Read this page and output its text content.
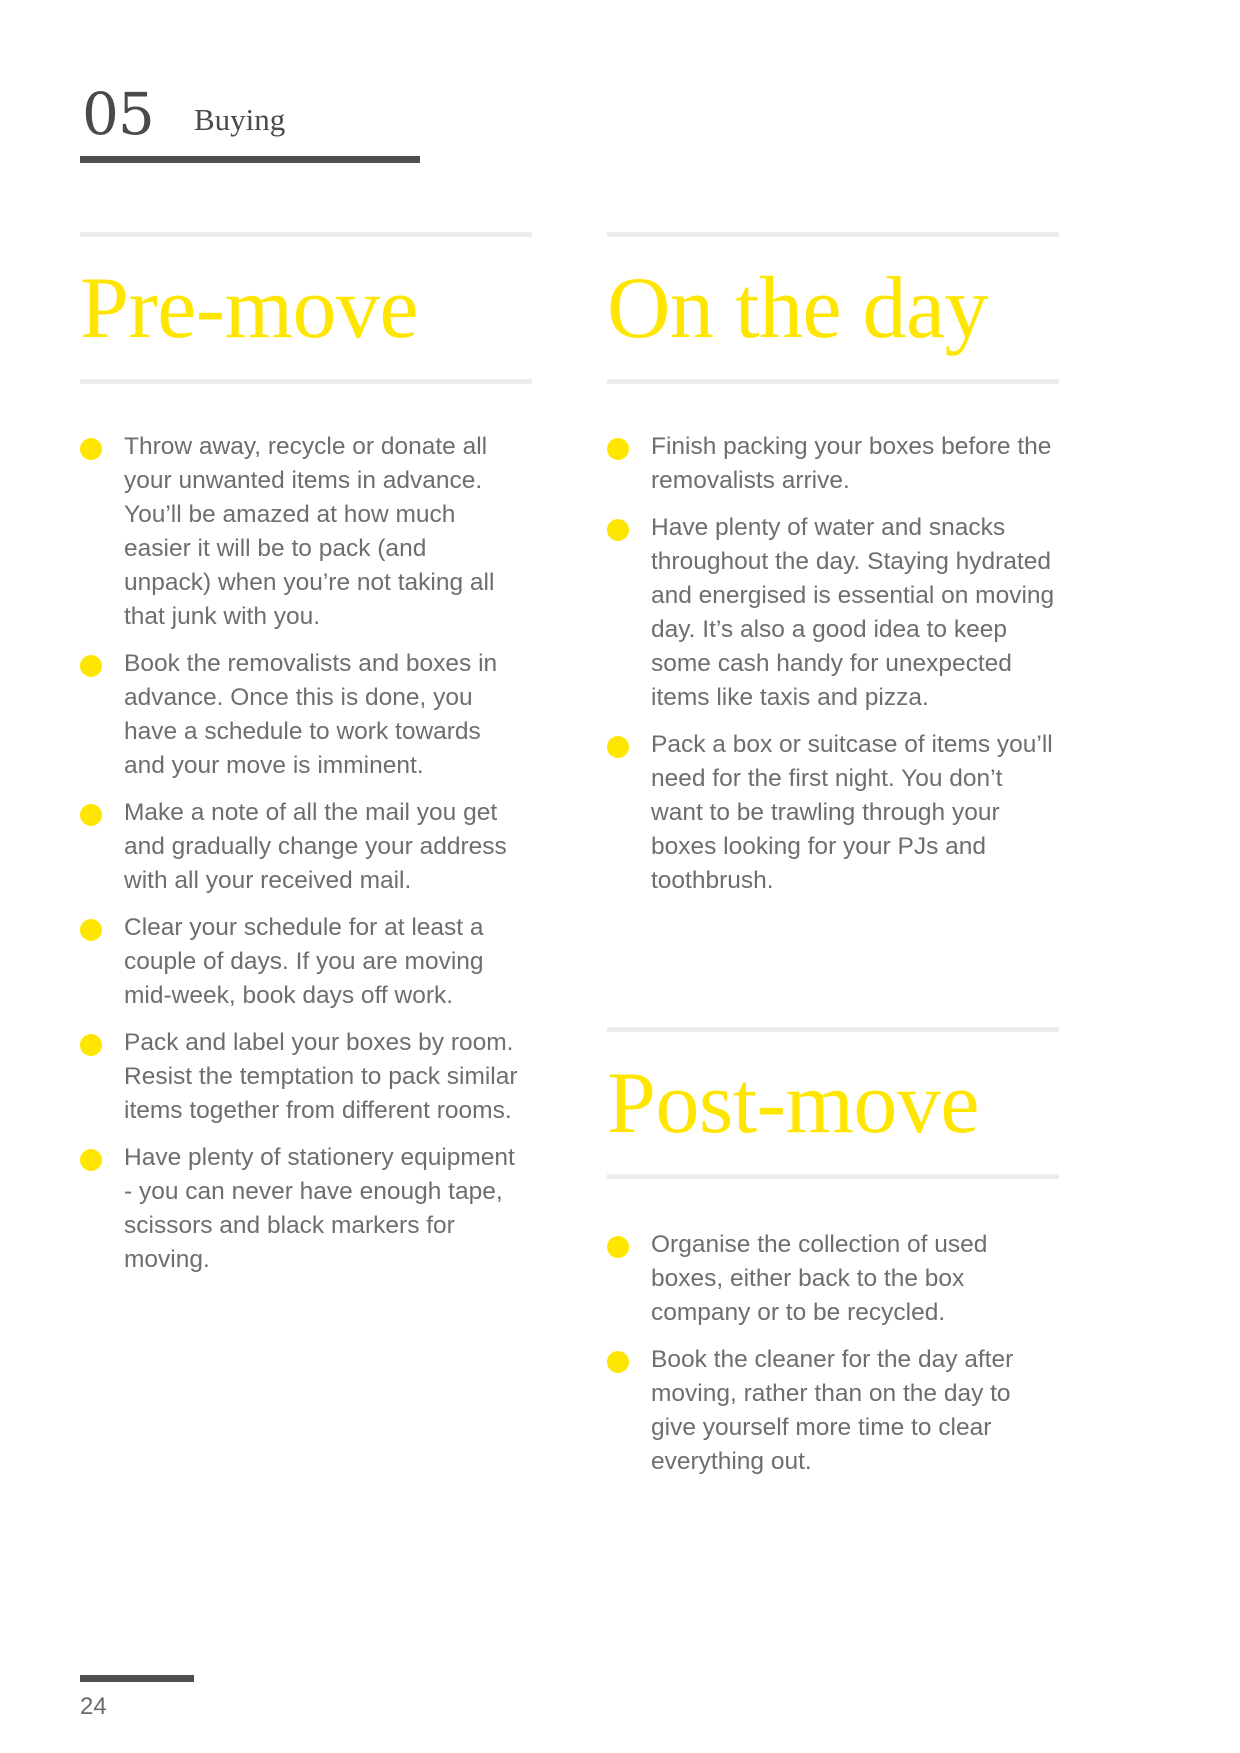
05 Buying
Pre-move
Throw away, recycle or donate all your unwanted items in advance. You’ll be amazed at how much easier it will be to pack (and unpack) when you’re not taking all that junk with you.
Book the removalists and boxes in advance. Once this is done, you have a schedule to work towards and your move is imminent.
Make a note of all the mail you get and gradually change your address with all your received mail.
Clear your schedule for at least a couple of days. If you are moving mid-week, book days off work.
Pack and label your boxes by room. Resist the temptation to pack similar items together from different rooms.
Have plenty of stationery equipment - you can never have enough tape, scissors and black markers for moving.
On the day
Finish packing your boxes before the removalists arrive.
Have plenty of water and snacks throughout the day. Staying hydrated and energised is essential on moving day. It’s also a good idea to keep some cash handy for unexpected items like taxis and pizza.
Pack a box or suitcase of items you’ll need for the first night. You don’t want to be trawling through your boxes looking for your PJs and toothbrush.
Post-move
Organise the collection of used boxes, either back to the box company or to be recycled.
Book the cleaner for the day after moving, rather than on the day to give yourself more time to clear everything out.
24
